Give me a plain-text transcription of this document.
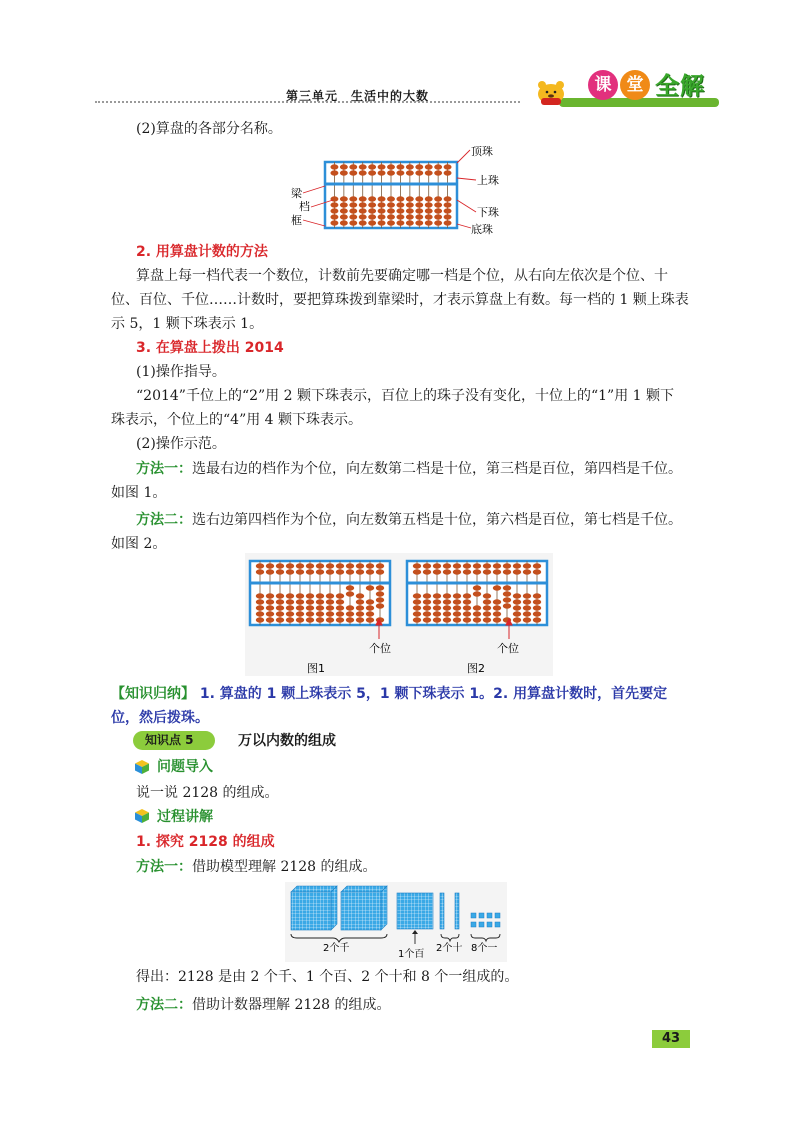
第三单元　生活中的大数
课 堂 全解
(2)算盘的各部分名称。
顶珠
上珠
下珠
底珠
梁
档
框
2. 用算盘计数的方法
算盘上每一档代表一个数位，计数前先要确定哪一档是个位，从右向左依次是个位、十
位、百位、千位……计数时，要把算珠拨到靠梁时，才表示算盘上有数。每一档的 1 颗上珠表
示 5，1 颗下珠表示 1。
3. 在算盘上拨出 2014
(1)操作指导。
“2014”千位上的“2”用 2 颗下珠表示，百位上的珠子没有变化，十位上的“1”用 1 颗下
珠表示，个位上的“4”用 4 颗下珠表示。
(2)操作示范。
方法一：选最右边的档作为个位，向左数第二档是十位，第三档是百位，第四档是千位。
如图 1。
方法二：选右边第四档作为个位，向左数第五档是十位，第六档是百位，第七档是千位。
如图 2。
个位	个位
图1	图2
【知识归纳】 1. 算盘的 1 颗上珠表示 5，1 颗下珠表示 1。2. 用算盘计数时，首先要定
位，然后拨珠。
知识点 5	万以内数的组成
问题导入
说一说 2128 的组成。
过程讲解
1. 探究 2128 的组成
方法一：借助模型理解 2128 的组成。
2个千
1个百
2个十 8个一
得出：2128 是由 2 个千、1 个百、2 个十和 8 个一组成的。
方法二：借助计数器理解 2128 的组成。
43
